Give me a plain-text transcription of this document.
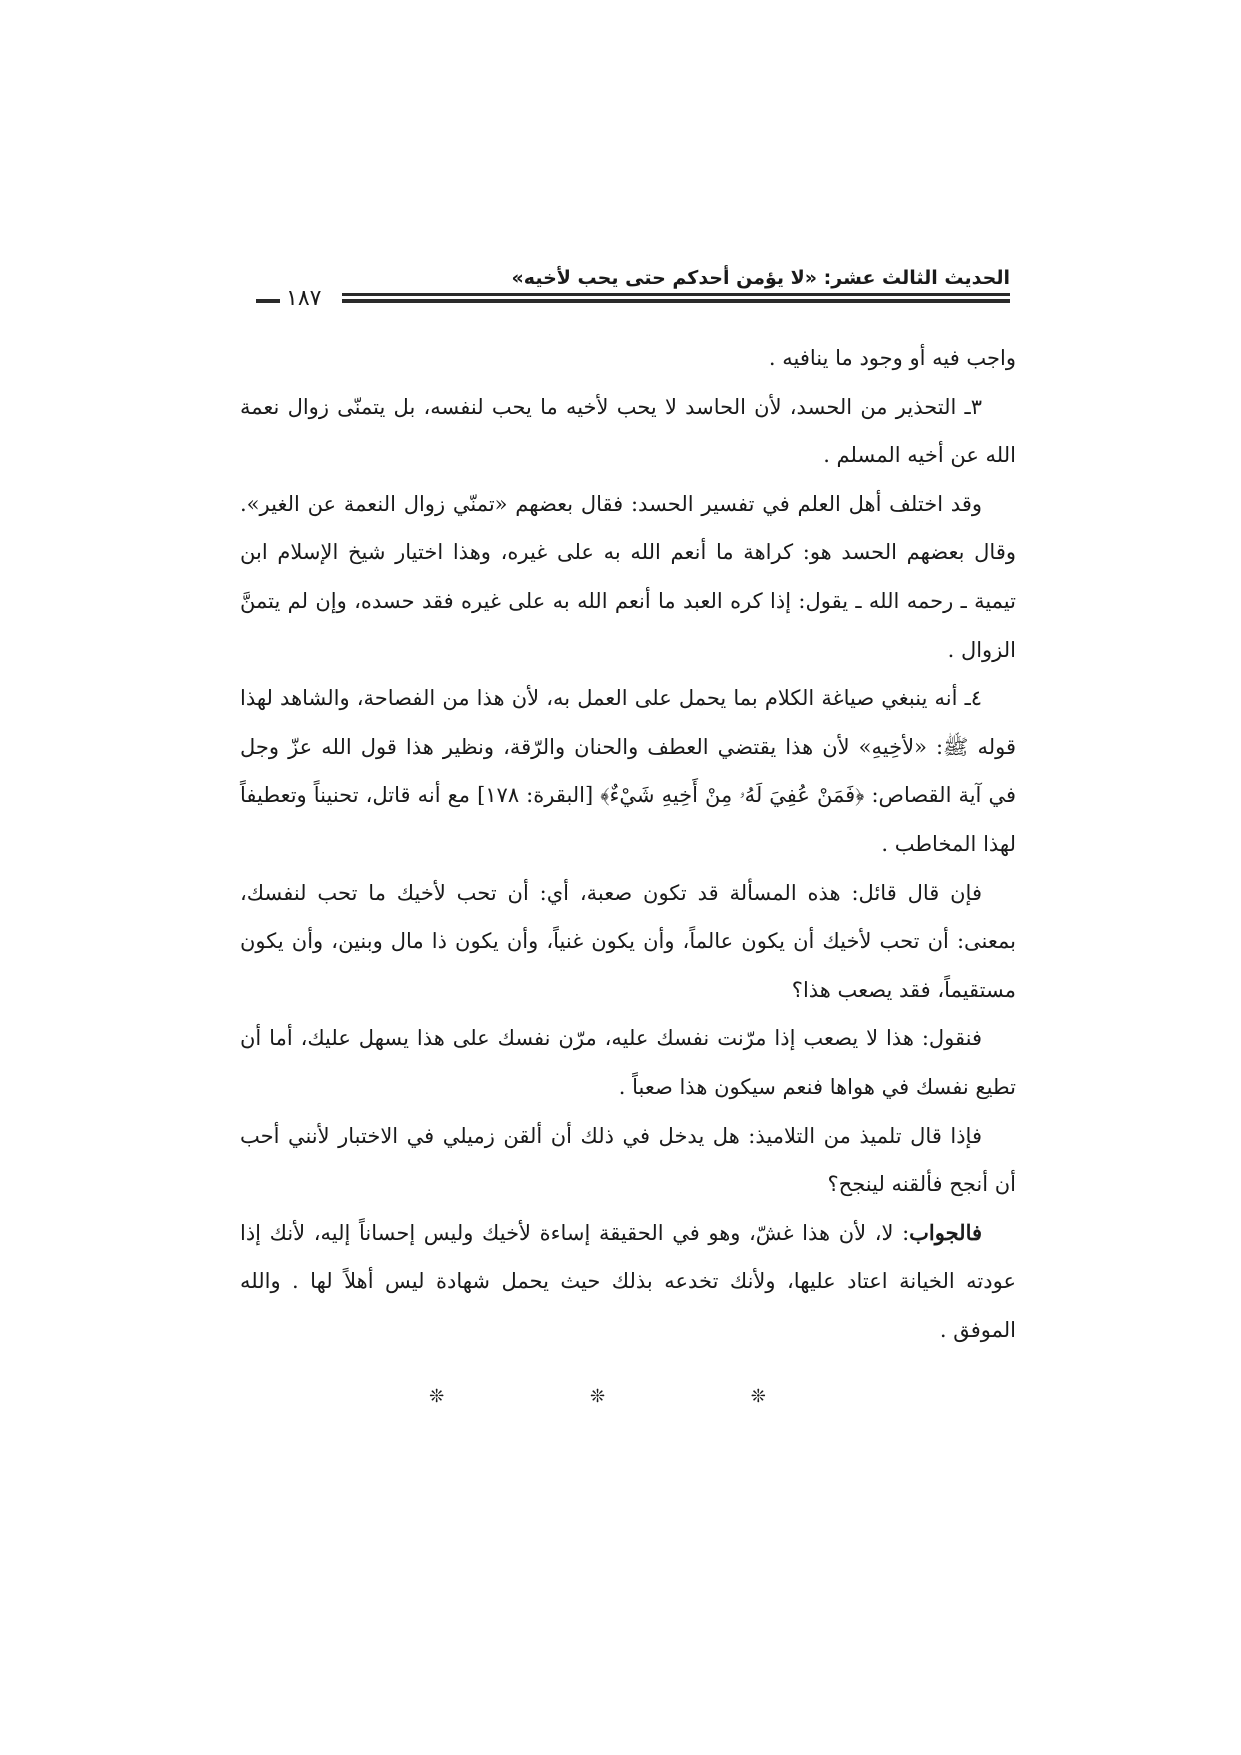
الحديث الثالث عشر: «لا يؤمن أحدكم حتى يحب لأخيه»
١٨٧

واجب فيه أو وجود ما ينافيه .

٣ـ التحذير من الحسد، لأن الحاسد لا يحب لأخيه ما يحب لنفسه، بل يتمنّى زوال نعمة الله عن أخيه المسلم .

وقد اختلف أهل العلم في تفسير الحسد: فقال بعضهم «تمنّي زوال النعمة عن الغير». وقال بعضهم الحسد هو: كراهة ما أنعم الله به على غيره، وهذا اختيار شيخ الإسلام ابن تيمية ـ رحمه الله ـ يقول: إذا كره العبد ما أنعم الله به على غيره فقد حسده، وإن لم يتمنَّ الزوال .

٤ـ أنه ينبغي صياغة الكلام بما يحمل على العمل به، لأن هذا من الفصاحة، والشاهد لهذا قوله ﷺ: «لأخِيهِ» لأن هذا يقتضي العطف والحنان والرّقة، ونظير هذا قول الله عزّ وجل في آية القصاص: ﴿فَمَنْ عُفِيَ لَهُۥ مِنْ أَخِيهِ شَيْءٌ﴾ [البقرة: ١٧٨] مع أنه قاتل، تحنيناً وتعطيفاً لهذا المخاطب .

فإن قال قائل: هذه المسألة قد تكون صعبة، أي: أن تحب لأخيك ما تحب لنفسك، بمعنى: أن تحب لأخيك أن يكون عالماً، وأن يكون غنياً، وأن يكون ذا مال وبنين، وأن يكون مستقيماً، فقد يصعب هذا؟

فنقول: هذا لا يصعب إذا مرّنت نفسك عليه، مرّن نفسك على هذا يسهل عليك، أما أن تطيع نفسك في هواها فنعم سيكون هذا صعباً .

فإذا قال تلميذ من التلاميذ: هل يدخل في ذلك أن ألقن زميلي في الاختبار لأنني أحب أن أنجح فألقنه لينجح؟

فالجواب: لا، لأن هذا غشّ، وهو في الحقيقة إساءة لأخيك وليس إحساناً إليه، لأنك إذا عودته الخيانة اعتاد عليها، ولأنك تخدعه بذلك حيث يحمل شهادة ليس أهلاً لها . والله الموفق .

❊	❊	❊
